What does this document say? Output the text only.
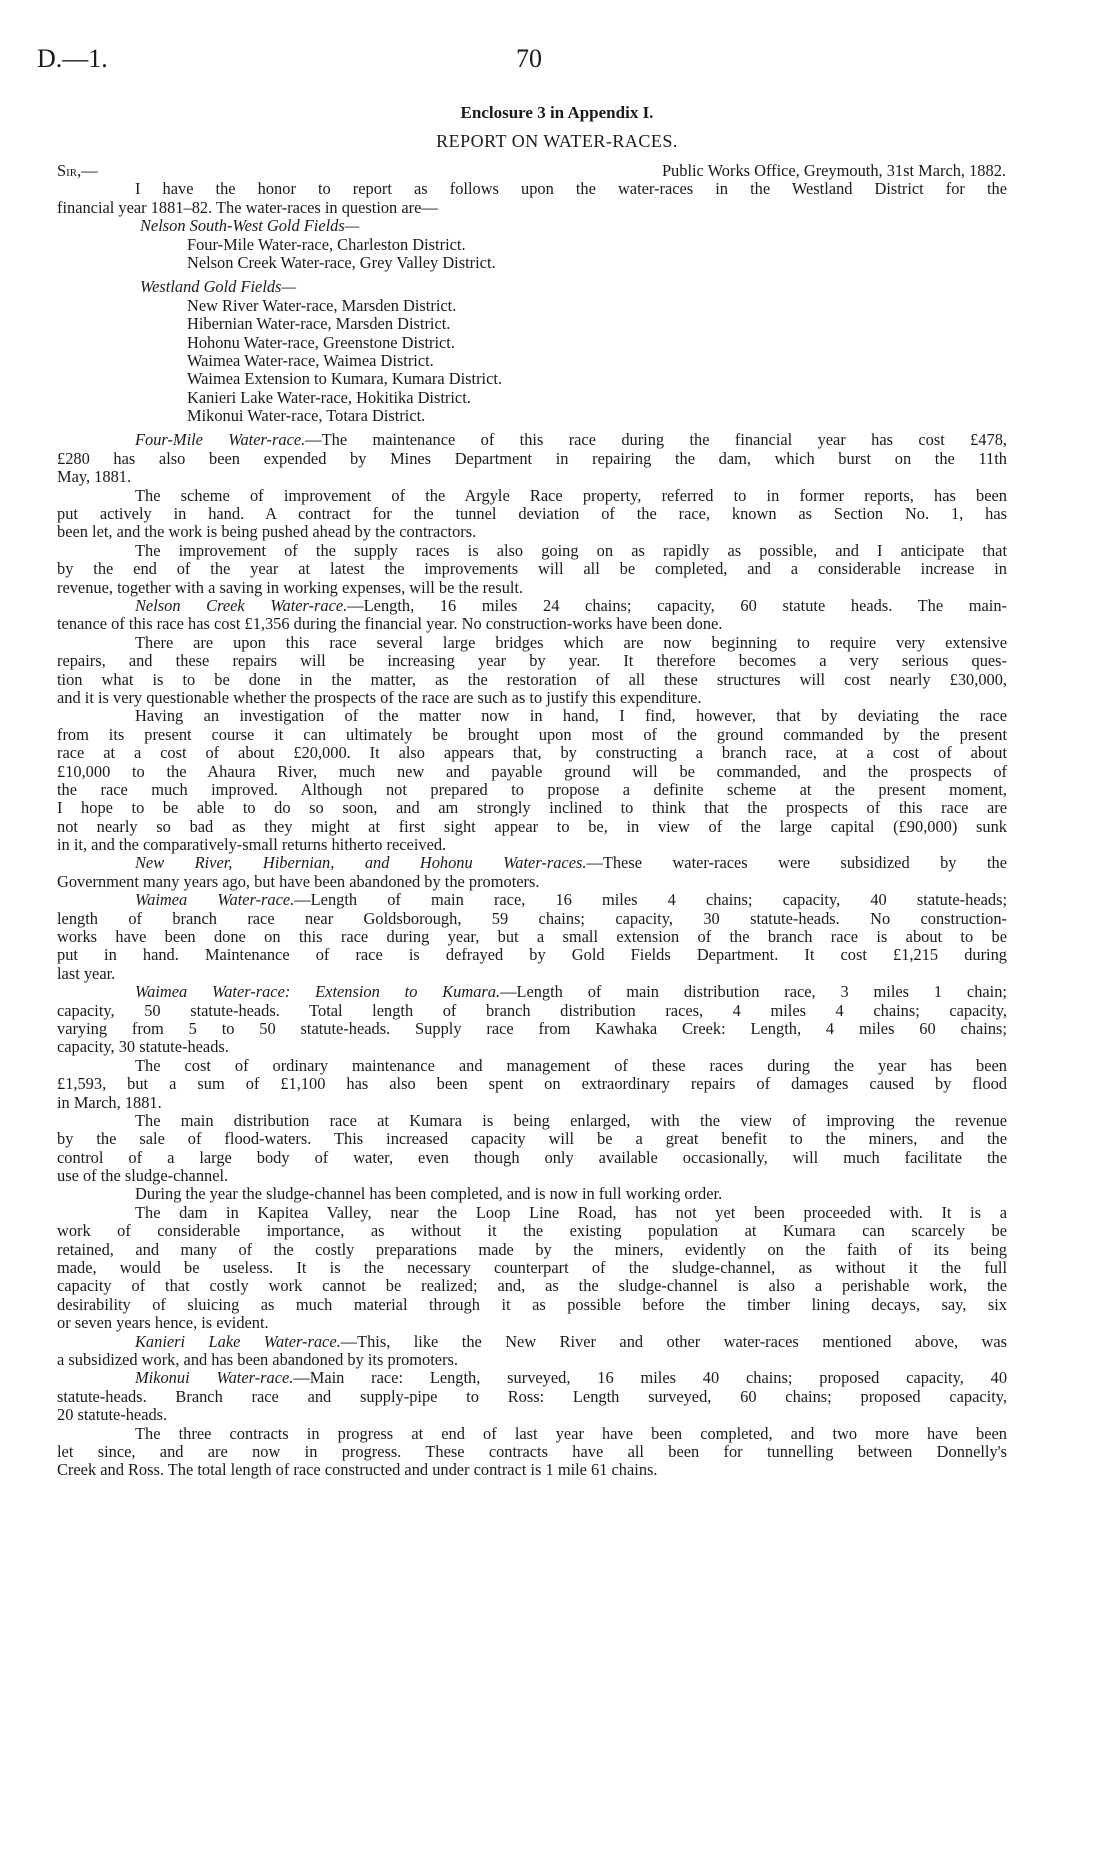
D.—1.	70
Enclosure 3 in Appendix I.
REPORT ON WATER-RACES.
Sir,—	Public Works Office, Greymouth, 31st March, 1882.
I have the honor to report as follows upon the water-races in the Westland District for the
financial year 1881–82. The water-races in question are—
Nelson South-West Gold Fields—
Four-Mile Water-race, Charleston District.
Nelson Creek Water-race, Grey Valley District.
Westland Gold Fields—
New River Water-race, Marsden District.
Hibernian Water-race, Marsden District.
Hohonu Water-race, Greenstone District.
Waimea Water-race, Waimea District.
Waimea Extension to Kumara, Kumara District.
Kanieri Lake Water-race, Hokitika District.
Mikonui Water-race, Totara District.
Four-Mile Water-race.—The maintenance of this race during the financial year has cost £478,
£280 has also been expended by Mines Department in repairing the dam, which burst on the 11th
May, 1881.
The scheme of improvement of the Argyle Race property, referred to in former reports, has been
put actively in hand. A contract for the tunnel deviation of the race, known as Section No. 1, has
been let, and the work is being pushed ahead by the contractors.
The improvement of the supply races is also going on as rapidly as possible, and I anticipate that
by the end of the year at latest the improvements will all be completed, and a considerable increase in
revenue, together with a saving in working expenses, will be the result.
Nelson Creek Water-race.—Length, 16 miles 24 chains; capacity, 60 statute heads. The main-
tenance of this race has cost £1,356 during the financial year. No construction-works have been done.
There are upon this race several large bridges which are now beginning to require very extensive
repairs, and these repairs will be increasing year by year. It therefore becomes a very serious ques-
tion what is to be done in the matter, as the restoration of all these structures will cost nearly £30,000,
and it is very questionable whether the prospects of the race are such as to justify this expenditure.
Having an investigation of the matter now in hand, I find, however, that by deviating the race
from its present course it can ultimately be brought upon most of the ground commanded by the present
race at a cost of about £20,000. It also appears that, by constructing a branch race, at a cost of about
£10,000 to the Ahaura River, much new and payable ground will be commanded, and the prospects of
the race much improved. Although not prepared to propose a definite scheme at the present moment,
I hope to be able to do so soon, and am strongly inclined to think that the prospects of this race are
not nearly so bad as they might at first sight appear to be, in view of the large capital (£90,000) sunk
in it, and the comparatively-small returns hitherto received.
New River, Hibernian, and Hohonu Water-races.—These water-races were subsidized by the
Government many years ago, but have been abandoned by the promoters.
Waimea Water-race.—Length of main race, 16 miles 4 chains; capacity, 40 statute-heads;
length of branch race near Goldsborough, 59 chains; capacity, 30 statute-heads. No construction-
works have been done on this race during year, but a small extension of the branch race is about to be
put in hand. Maintenance of race is defrayed by Gold Fields Department. It cost £1,215 during
last year.
Waimea Water-race: Extension to Kumara.—Length of main distribution race, 3 miles 1 chain;
capacity, 50 statute-heads. Total length of branch distribution races, 4 miles 4 chains; capacity,
varying from 5 to 50 statute-heads. Supply race from Kawhaka Creek: Length, 4 miles 60 chains;
capacity, 30 statute-heads.
The cost of ordinary maintenance and management of these races during the year has been
£1,593, but a sum of £1,100 has also been spent on extraordinary repairs of damages caused by flood
in March, 1881.
The main distribution race at Kumara is being enlarged, with the view of improving the revenue
by the sale of flood-waters. This increased capacity will be a great benefit to the miners, and the
control of a large body of water, even though only available occasionally, will much facilitate the
use of the sludge-channel.
During the year the sludge-channel has been completed, and is now in full working order.
The dam in Kapitea Valley, near the Loop Line Road, has not yet been proceeded with. It is a
work of considerable importance, as without it the existing population at Kumara can scarcely be
retained, and many of the costly preparations made by the miners, evidently on the faith of its being
made, would be useless. It is the necessary counterpart of the sludge-channel, as without it the full
capacity of that costly work cannot be realized; and, as the sludge-channel is also a perishable work, the
desirability of sluicing as much material through it as possible before the timber lining decays, say, six
or seven years hence, is evident.
Kanieri Lake Water-race.—This, like the New River and other water-races mentioned above, was
a subsidized work, and has been abandoned by its promoters.
Mikonui Water-race.—Main race: Length, surveyed, 16 miles 40 chains; proposed capacity, 40
statute-heads. Branch race and supply-pipe to Ross: Length surveyed, 60 chains; proposed capacity,
20 statute-heads.
The three contracts in progress at end of last year have been completed, and two more have been
let since, and are now in progress. These contracts have all been for tunnelling between Donnelly's
Creek and Ross. The total length of race constructed and under contract is 1 mile 61 chains.
